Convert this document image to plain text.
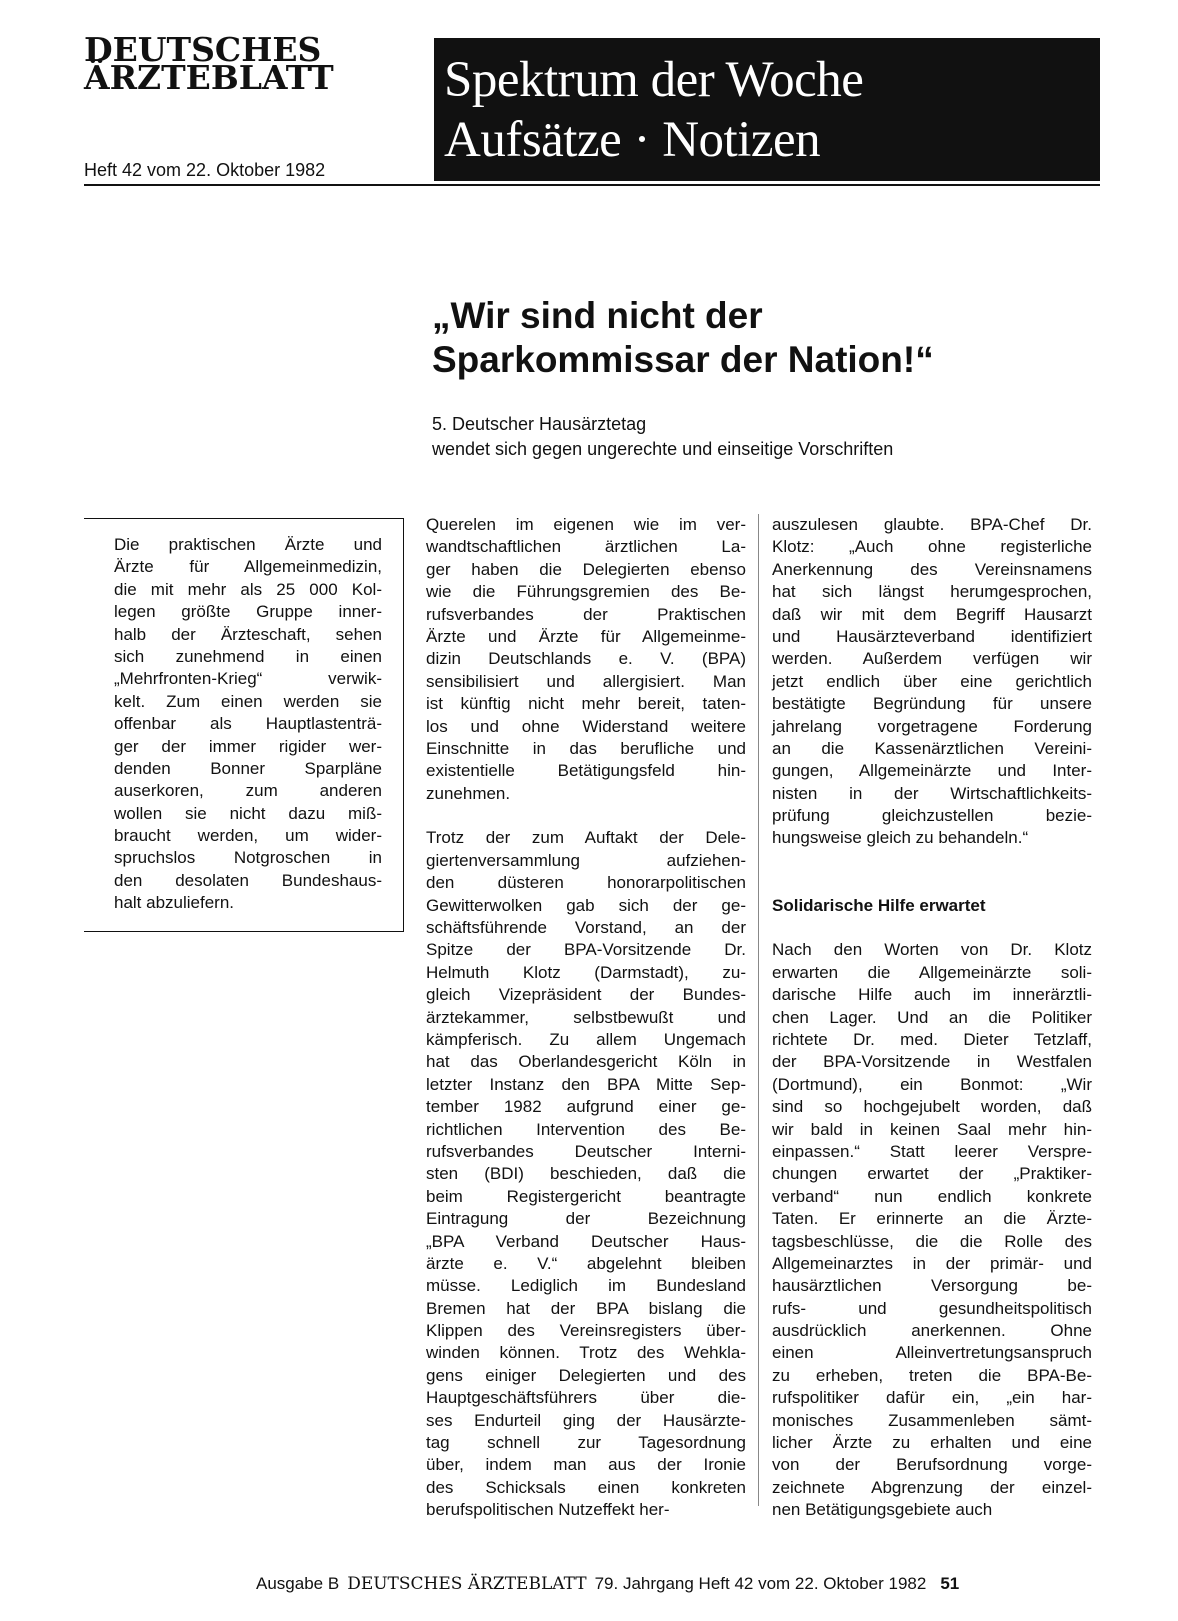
DEUTSCHES
ÄRZTEBLATT
Heft 42 vom 22. Oktober 1982
Spektrum der Woche
Aufsätze · Notizen
„Wir sind nicht der
Sparkommissar der Nation!“
5. Deutscher Hausärztetag
wendet sich gegen ungerechte und einseitige Vorschriften
Die praktischen Ärzte und
Ärzte für Allgemeinmedizin,
die mit mehr als 25 000 Kol-
legen größte Gruppe inner-
halb der Ärzteschaft, sehen
sich zunehmend in einen
„Mehrfronten-Krieg“ verwik-
kelt. Zum einen werden sie
offenbar als Hauptlastenträ-
ger der immer rigider wer-
denden Bonner Sparpläne
auserkoren, zum anderen
wollen sie nicht dazu miß-
braucht werden, um wider-
spruchslos Notgroschen in
den desolaten Bundeshaus-
halt abzuliefern.
Querelen im eigenen wie im ver-
wandtschaftlichen ärztlichen La-
ger haben die Delegierten ebenso
wie die Führungsgremien des Be-
rufsverbandes der Praktischen
Ärzte und Ärzte für Allgemeinme-
dizin Deutschlands e. V. (BPA)
sensibilisiert und allergisiert. Man
ist künftig nicht mehr bereit, taten-
los und ohne Widerstand weitere
Einschnitte in das berufliche und
existentielle Betätigungsfeld hin-
zunehmen.
Trotz der zum Auftakt der Dele-
giertenversammlung aufziehen-
den düsteren honorarpolitischen
Gewitterwolken gab sich der ge-
schäftsführende Vorstand, an der
Spitze der BPA-Vorsitzende Dr.
Helmuth Klotz (Darmstadt), zu-
gleich Vizepräsident der Bundes-
ärztekammer, selbstbewußt und
kämpferisch. Zu allem Ungemach
hat das Oberlandesgericht Köln in
letzter Instanz den BPA Mitte Sep-
tember 1982 aufgrund einer ge-
richtlichen Intervention des Be-
rufsverbandes Deutscher Interni-
sten (BDI) beschieden, daß die
beim Registergericht beantragte
Eintragung der Bezeichnung
„BPA Verband Deutscher Haus-
ärzte e. V.“ abgelehnt bleiben
müsse. Lediglich im Bundesland
Bremen hat der BPA bislang die
Klippen des Vereinsregisters über-
winden können. Trotz des Wehkla-
gens einiger Delegierten und des
Hauptgeschäftsführers über die-
ses Endurteil ging der Hausärzte-
tag schnell zur Tagesordnung
über, indem man aus der Ironie
des Schicksals einen konkreten
berufspolitischen Nutzeffekt her-
auszulesen glaubte. BPA-Chef Dr.
Klotz: „Auch ohne registerliche
Anerkennung des Vereinsnamens
hat sich längst herumgesprochen,
daß wir mit dem Begriff Hausarzt
und Hausärzteverband identifiziert
werden. Außerdem verfügen wir
jetzt endlich über eine gerichtlich
bestätigte Begründung für unsere
jahrelang vorgetragene Forderung
an die Kassenärztlichen Vereini-
gungen, Allgemeinärzte und Inter-
nisten in der Wirtschaftlichkeits-
prüfung gleichzustellen bezie-
hungsweise gleich zu behandeln.“
Solidarische Hilfe erwartet
Nach den Worten von Dr. Klotz
erwarten die Allgemeinärzte soli-
darische Hilfe auch im innerärztli-
chen Lager. Und an die Politiker
richtete Dr. med. Dieter Tetzlaff,
der BPA-Vorsitzende in Westfalen
(Dortmund), ein Bonmot: „Wir
sind so hochgejubelt worden, daß
wir bald in keinen Saal mehr hin-
einpassen.“ Statt leerer Verspre-
chungen erwartet der „Praktiker-
verband“ nun endlich konkrete
Taten. Er erinnerte an die Ärzte-
tagsbeschlüsse, die die Rolle des
Allgemeinarztes in der primär- und
hausärztlichen Versorgung be-
rufs- und gesundheitspolitisch
ausdrücklich anerkennen. Ohne
einen Alleinvertretungsanspruch
zu erheben, treten die BPA-Be-
rufspolitiker dafür ein, „ein har-
monisches Zusammenleben sämt-
licher Ärzte zu erhalten und eine
von der Berufsordnung vorge-
zeichnete Abgrenzung der einzel-
nen Betätigungsgebiete auch
Ausgabe B DEUTSCHES ÄRZTEBLATT 79. Jahrgang Heft 42 vom 22. Oktober 1982 51
